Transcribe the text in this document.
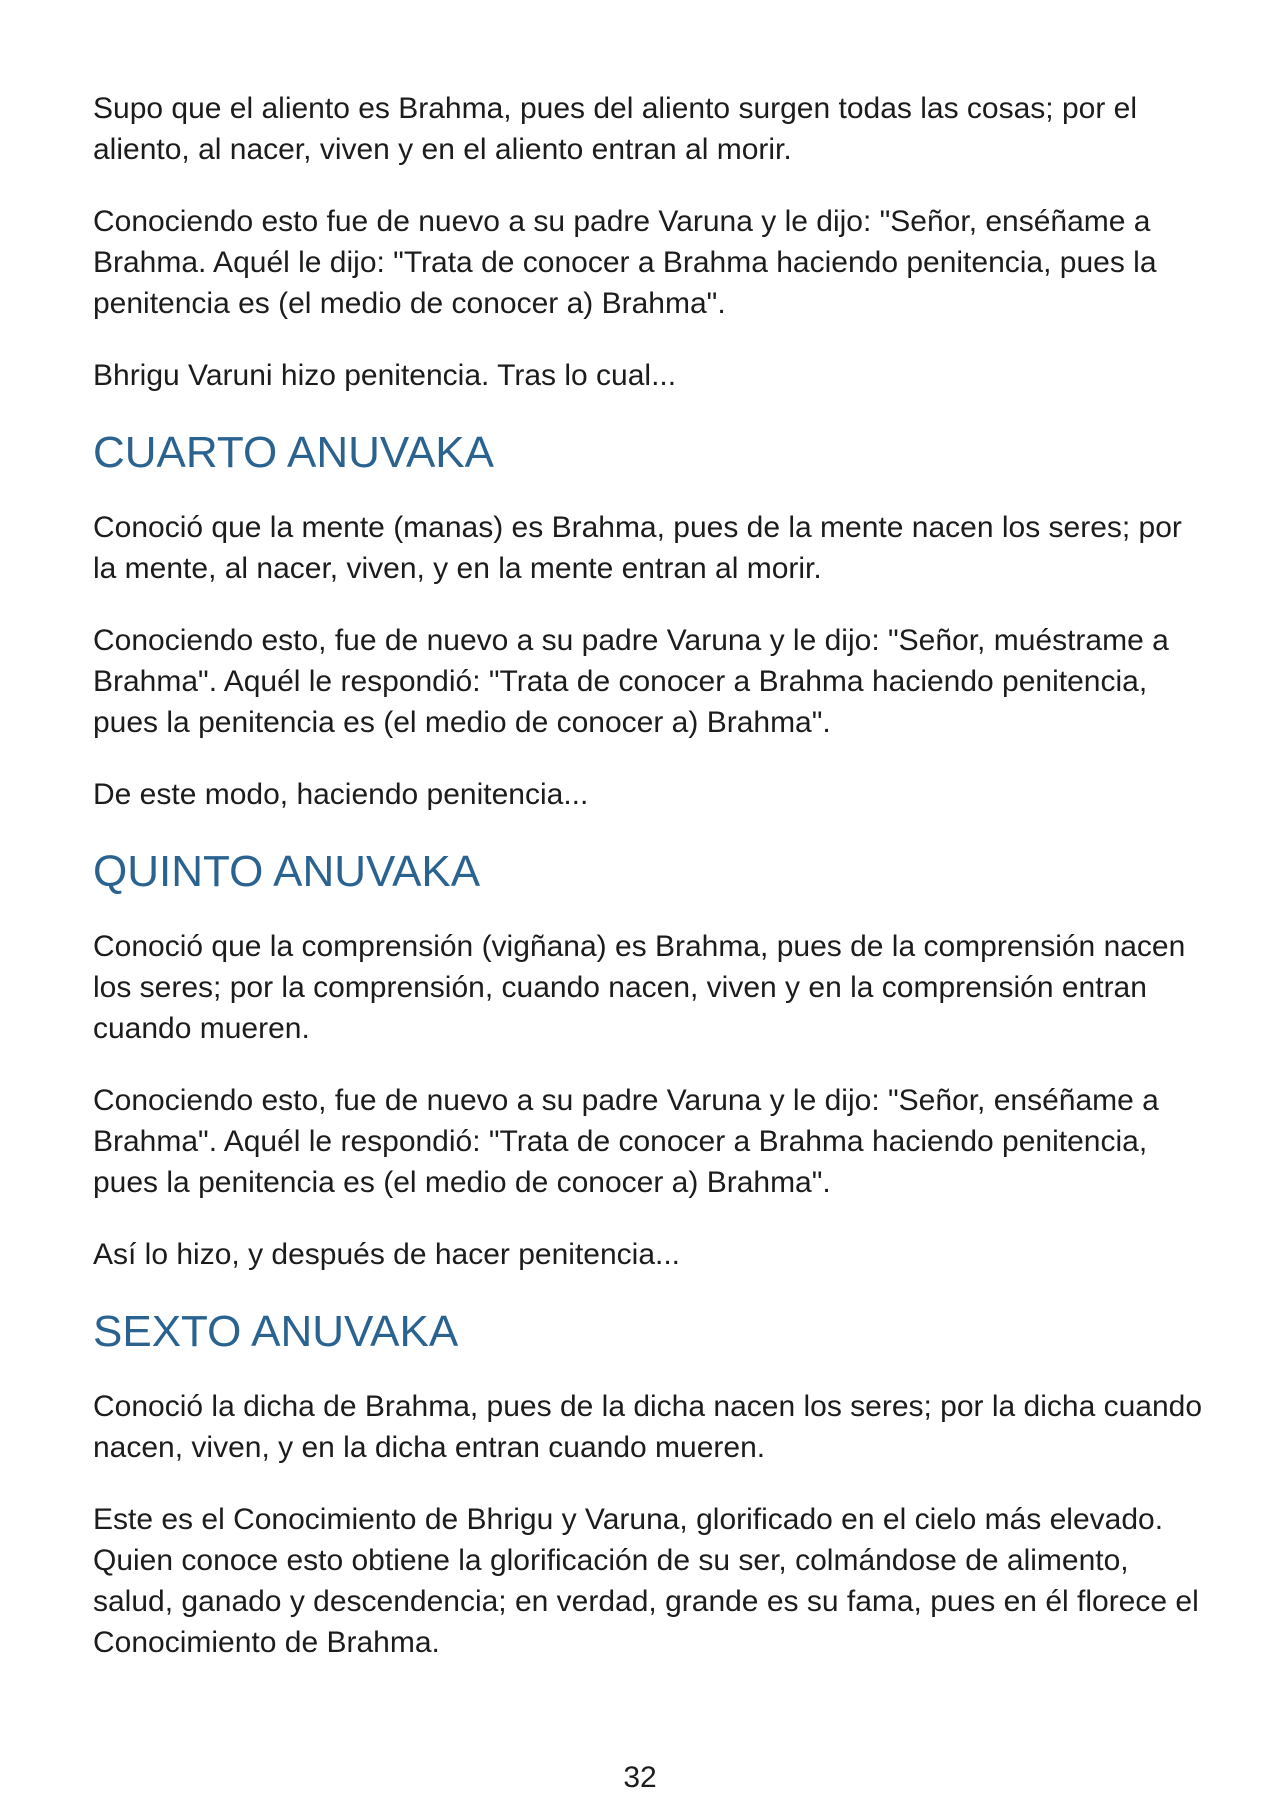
Supo que el aliento es Brahma, pues del aliento surgen todas las cosas; por el aliento, al nacer, viven y en el aliento entran al morir.

Conociendo esto fue de nuevo a su padre Varuna y le dijo: "Señor, enséñame a Brahma. Aquél le dijo: "Trata de conocer a Brahma haciendo penitencia, pues la penitencia es (el medio de conocer a) Brahma".

Bhrigu Varuni hizo penitencia. Tras lo cual...

CUARTO ANUVAKA

Conoció que la mente (manas) es Brahma, pues de la mente nacen los seres; por la mente, al nacer, viven, y en la mente entran al morir.

Conociendo esto, fue de nuevo a su padre Varuna y le dijo: "Señor, muéstrame a Brahma". Aquél le respondió: "Trata de conocer a Brahma haciendo penitencia, pues la penitencia es (el medio de conocer a) Brahma".

De este modo, haciendo penitencia...

QUINTO ANUVAKA

Conoció que la comprensión (vigñana) es Brahma, pues de la comprensión nacen los seres; por la comprensión, cuando nacen, viven y en la comprensión entran cuando mueren.

Conociendo esto, fue de nuevo a su padre Varuna y le dijo: "Señor, enséñame a Brahma". Aquél le respondió: "Trata de conocer a Brahma haciendo penitencia, pues la penitencia es (el medio de conocer a) Brahma".

Así lo hizo, y después de hacer penitencia...

SEXTO ANUVAKA

Conoció la dicha de Brahma, pues de la dicha nacen los seres; por la dicha cuando nacen, viven, y en la dicha entran cuando mueren.

Este es el Conocimiento de Bhrigu y Varuna, glorificado en el cielo más elevado. Quien conoce esto obtiene la glorificación de su ser, colmándose de alimento, salud, ganado y descendencia; en verdad, grande es su fama, pues en él florece el Conocimiento de Brahma.

32
